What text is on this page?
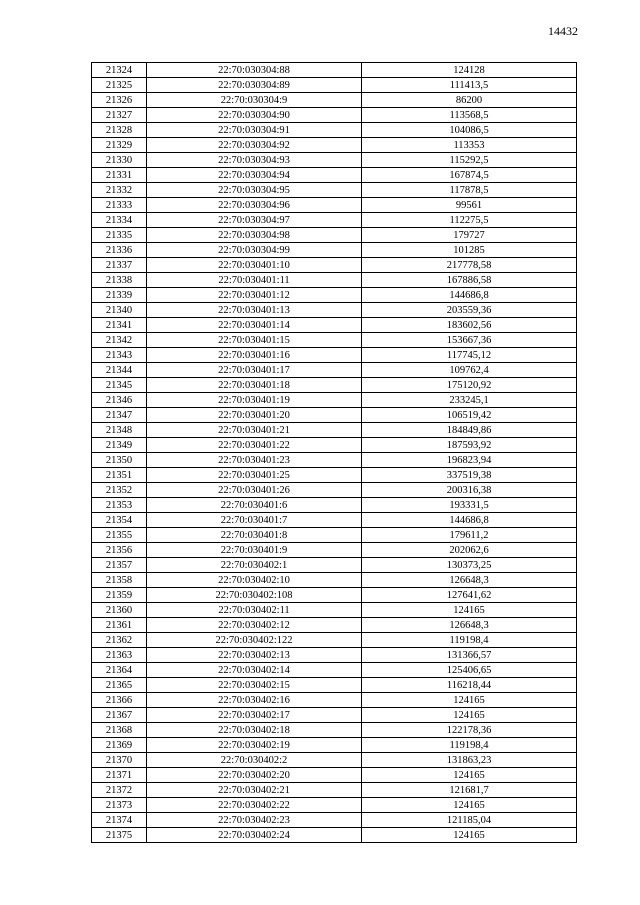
14432
21324	22:70:030304:88	124128
21325	22:70:030304:89	111413,5
21326	22:70:030304:9	86200
21327	22:70:030304:90	113568,5
21328	22:70:030304:91	104086,5
21329	22:70:030304:92	113353
21330	22:70:030304:93	115292,5
21331	22:70:030304:94	167874,5
21332	22:70:030304:95	117878,5
21333	22:70:030304:96	99561
21334	22:70:030304:97	112275,5
21335	22:70:030304:98	179727
21336	22:70:030304:99	101285
21337	22:70:030401:10	217778,58
21338	22:70:030401:11	167886,58
21339	22:70:030401:12	144686,8
21340	22:70:030401:13	203559,36
21341	22:70:030401:14	183602,56
21342	22:70:030401:15	153667,36
21343	22:70:030401:16	117745,12
21344	22:70:030401:17	109762,4
21345	22:70:030401:18	175120,92
21346	22:70:030401:19	233245,1
21347	22:70:030401:20	106519,42
21348	22:70:030401:21	184849,86
21349	22:70:030401:22	187593,92
21350	22:70:030401:23	196823,94
21351	22:70:030401:25	337519,38
21352	22:70:030401:26	200316,38
21353	22:70:030401:6	193331,5
21354	22:70:030401:7	144686,8
21355	22:70:030401:8	179611,2
21356	22:70:030401:9	202062,6
21357	22:70:030402:1	130373,25
21358	22:70:030402:10	126648,3
21359	22:70:030402:108	127641,62
21360	22:70:030402:11	124165
21361	22:70:030402:12	126648,3
21362	22:70:030402:122	119198,4
21363	22:70:030402:13	131366,57
21364	22:70:030402:14	125406,65
21365	22:70:030402:15	116218,44
21366	22:70:030402:16	124165
21367	22:70:030402:17	124165
21368	22:70:030402:18	122178,36
21369	22:70:030402:19	119198,4
21370	22:70:030402:2	131863,23
21371	22:70:030402:20	124165
21372	22:70:030402:21	121681,7
21373	22:70:030402:22	124165
21374	22:70:030402:23	121185,04
21375	22:70:030402:24	124165
